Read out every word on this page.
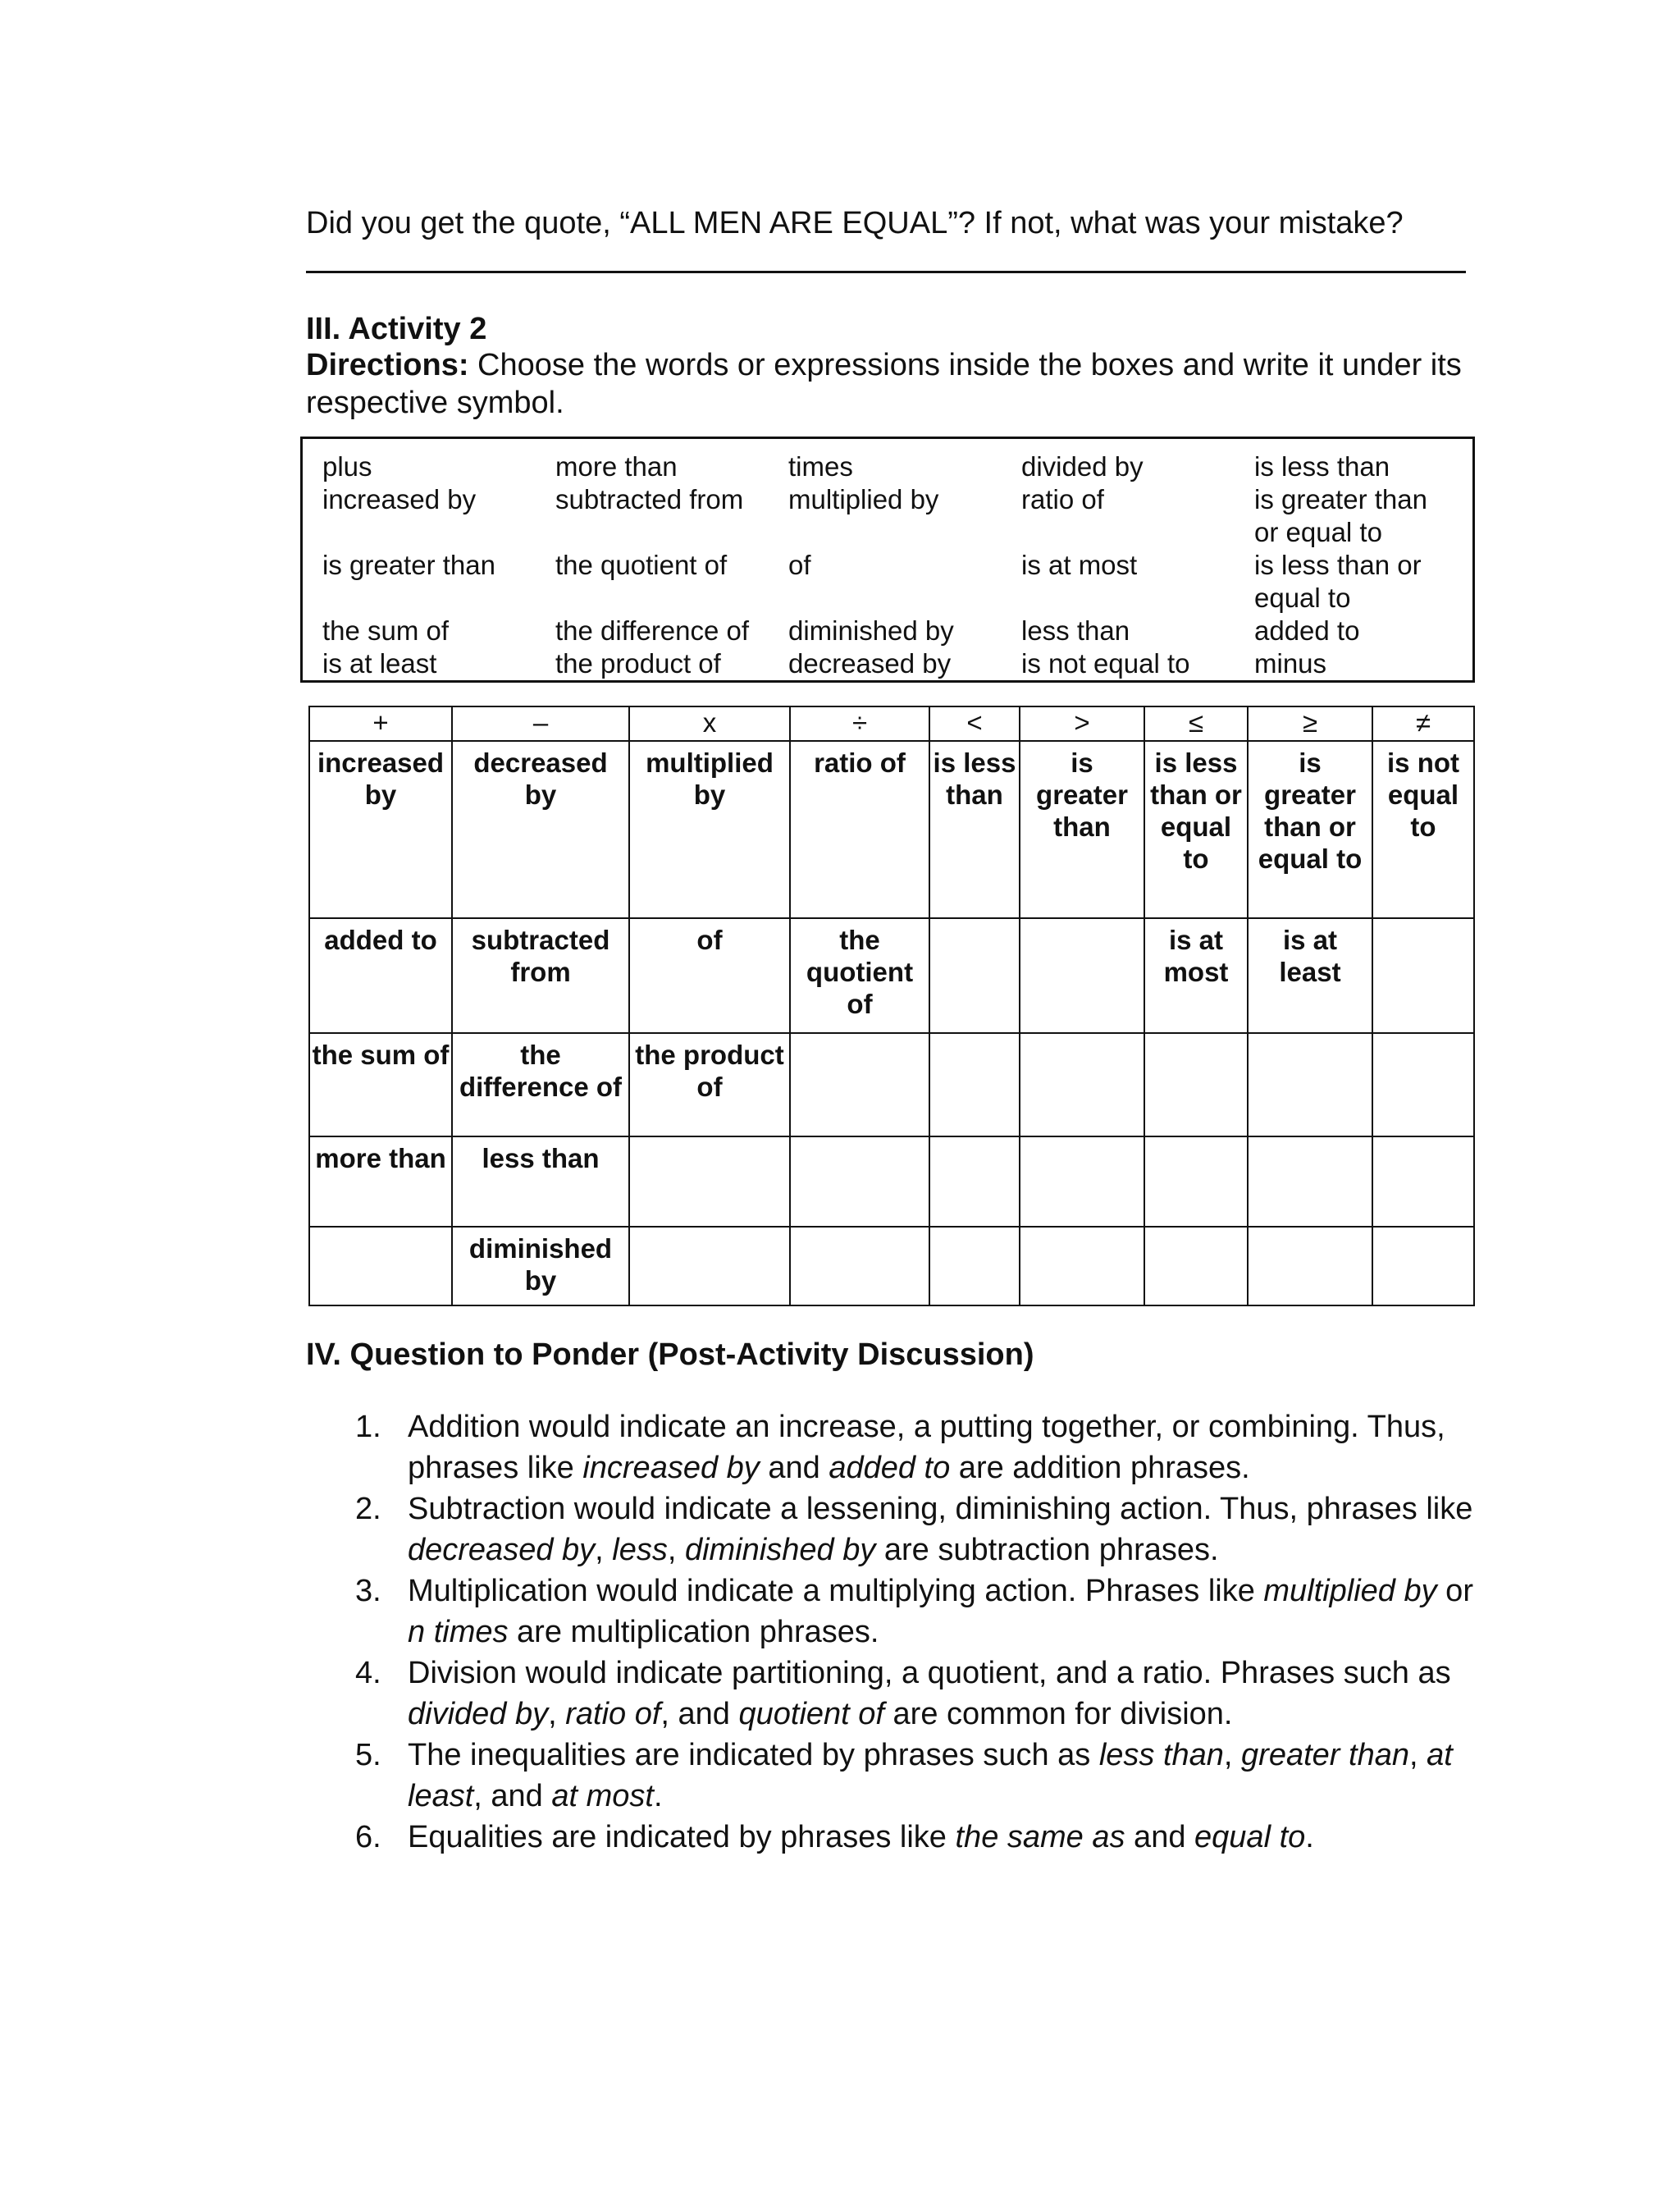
Did you get the quote, “ALL MEN ARE EQUAL”? If not, what was your mistake?
III. Activity 2
Directions: Choose the words or expressions inside the boxes and write it under its respective symbol.
plus
increased by
is greater than
the sum of
is at least
more than
subtracted from
the quotient of
the difference of
the product of
times
multiplied by
of
diminished by
decreased by
divided by
ratio of
is at most
less than
is not equal to
is less than
is greater than
or equal to
is less than or
equal to
added to
minus
+	–	x	÷	<	>	≤	≥	≠

increased by	decreased by	multiplied by	ratio of	is less than	is greater than	is less than or equal to	is greater than or equal to	is not equal to

added to	subtracted from	of	the quotient of			is at most	is at least	

the sum of	the difference of	the product of						

more than	less than							

	diminished by							

IV. Question to Ponder (Post-Activity Discussion)
1. Addition would indicate an increase, a putting together, or combining. Thus, phrases like increased by and added to are addition phrases.
2. Subtraction would indicate a lessening, diminishing action. Thus, phrases like decreased by, less, diminished by are subtraction phrases.
3. Multiplication would indicate a multiplying action. Phrases like multiplied by or n times are multiplication phrases.
4. Division would indicate partitioning, a quotient, and a ratio. Phrases such as divided by, ratio of, and quotient of are common for division.
5. The inequalities are indicated by phrases such as less than, greater than, at least, and at most.
6. Equalities are indicated by phrases like the same as and equal to.
